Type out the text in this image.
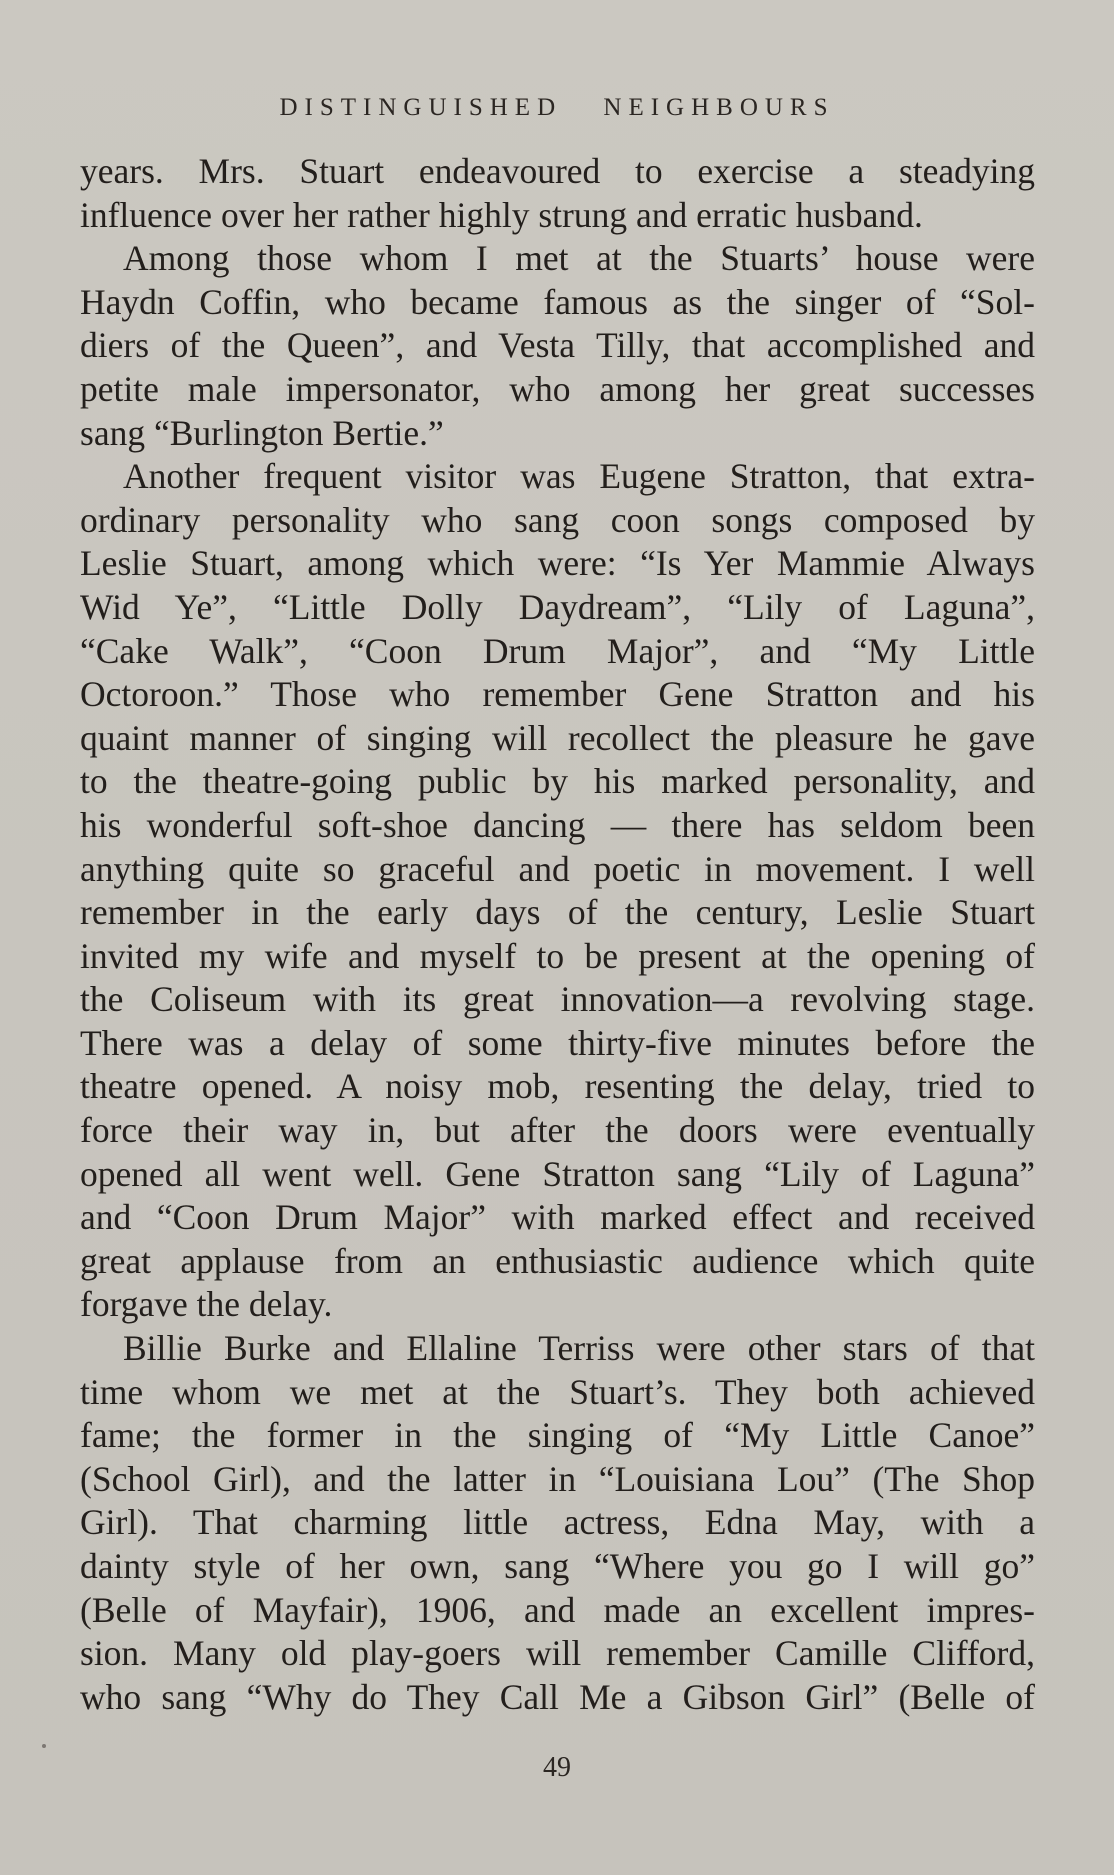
DISTINGUISHED NEIGHBOURS
years. Mrs. Stuart endeavoured to exercise a steadying
influence over her rather highly strung and erratic husband.
Among those whom I met at the Stuarts’ house were
Haydn Coffin, who became famous as the singer of “Sol-
diers of the Queen”, and Vesta Tilly, that accomplished and
petite male impersonator, who among her great successes
sang “Burlington Bertie.”
Another frequent visitor was Eugene Stratton, that extra-
ordinary personality who sang coon songs composed by
Leslie Stuart, among which were: “Is Yer Mammie Always
Wid Ye”, “Little Dolly Daydream”, “Lily of Laguna”,
“Cake Walk”, “Coon Drum Major”, and “My Little
Octoroon.” Those who remember Gene Stratton and his
quaint manner of singing will recollect the pleasure he gave
to the theatre-going public by his marked personality, and
his wonderful soft-shoe dancing — there has seldom been
anything quite so graceful and poetic in movement. I well
remember in the early days of the century, Leslie Stuart
invited my wife and myself to be present at the opening of
the Coliseum with its great innovation—a revolving stage.
There was a delay of some thirty-five minutes before the
theatre opened. A noisy mob, resenting the delay, tried to
force their way in, but after the doors were eventually
opened all went well. Gene Stratton sang “Lily of Laguna”
and “Coon Drum Major” with marked effect and received
great applause from an enthusiastic audience which quite
forgave the delay.
Billie Burke and Ellaline Terriss were other stars of that
time whom we met at the Stuart’s. They both achieved
fame; the former in the singing of “My Little Canoe”
(School Girl), and the latter in “Louisiana Lou” (The Shop
Girl). That charming little actress, Edna May, with a
dainty style of her own, sang “Where you go I will go”
(Belle of Mayfair), 1906, and made an excellent impres-
sion. Many old play-goers will remember Camille Clifford,
who sang “Why do They Call Me a Gibson Girl” (Belle of
49
